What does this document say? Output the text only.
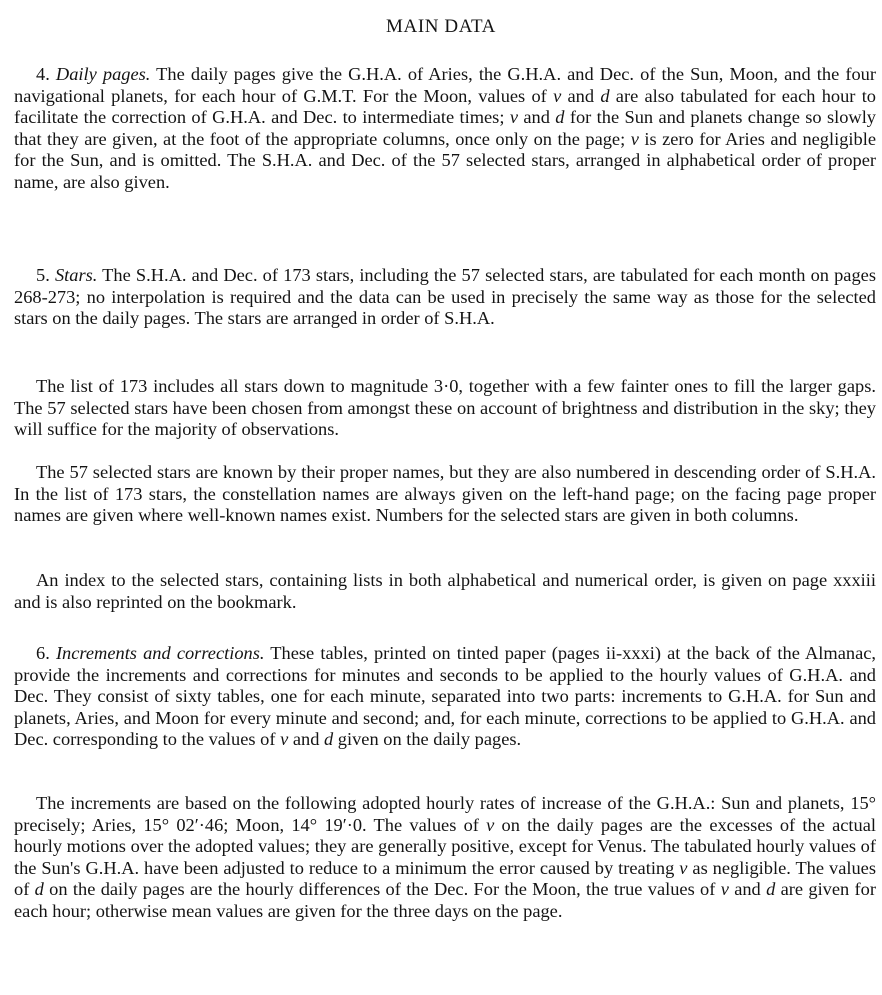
MAIN DATA

4. Daily pages. The daily pages give the G.H.A. of Aries, the G.H.A. and Dec. of the Sun, Moon, and the four navigational planets, for each hour of G.M.T. For the Moon, values of v and d are also tabulated for each hour to facilitate the correction of G.H.A. and Dec. to intermediate times; v and d for the Sun and planets change so slowly that they are given, at the foot of the appropriate columns, once only on the page; v is zero for Aries and negligible for the Sun, and is omitted. The S.H.A. and Dec. of the 57 selected stars, arranged in alphabetical order of proper name, are also given.

5. Stars. The S.H.A. and Dec. of 173 stars, including the 57 selected stars, are tabulated for each month on pages 268-273; no interpolation is required and the data can be used in precisely the same way as those for the selected stars on the daily pages. The stars are arranged in order of S.H.A.

The list of 173 includes all stars down to magnitude 3·0, together with a few fainter ones to fill the larger gaps. The 57 selected stars have been chosen from amongst these on account of brightness and distribution in the sky; they will suffice for the majority of observations.

The 57 selected stars are known by their proper names, but they are also numbered in descending order of S.H.A. In the list of 173 stars, the constellation names are always given on the left-hand page; on the facing page proper names are given where well-known names exist. Numbers for the selected stars are given in both columns.

An index to the selected stars, containing lists in both alphabetical and numerical order, is given on page xxxiii and is also reprinted on the bookmark.

6. Increments and corrections. These tables, printed on tinted paper (pages ii-xxxi) at the back of the Almanac, provide the increments and corrections for minutes and seconds to be applied to the hourly values of G.H.A. and Dec. They consist of sixty tables, one for each minute, separated into two parts: increments to G.H.A. for Sun and planets, Aries, and Moon for every minute and second; and, for each minute, corrections to be applied to G.H.A. and Dec. corresponding to the values of v and d given on the daily pages.

The increments are based on the following adopted hourly rates of increase of the G.H.A.: Sun and planets, 15° precisely; Aries, 15° 02′·46; Moon, 14° 19′·0. The values of v on the daily pages are the excesses of the actual hourly motions over the adopted values; they are generally positive, except for Venus. The tabulated hourly values of the Sun's G.H.A. have been adjusted to reduce to a minimum the error caused by treating v as negligible. The values of d on the daily pages are the hourly differences of the Dec. For the Moon, the true values of v and d are given for each hour; otherwise mean values are given for the three days on the page.
